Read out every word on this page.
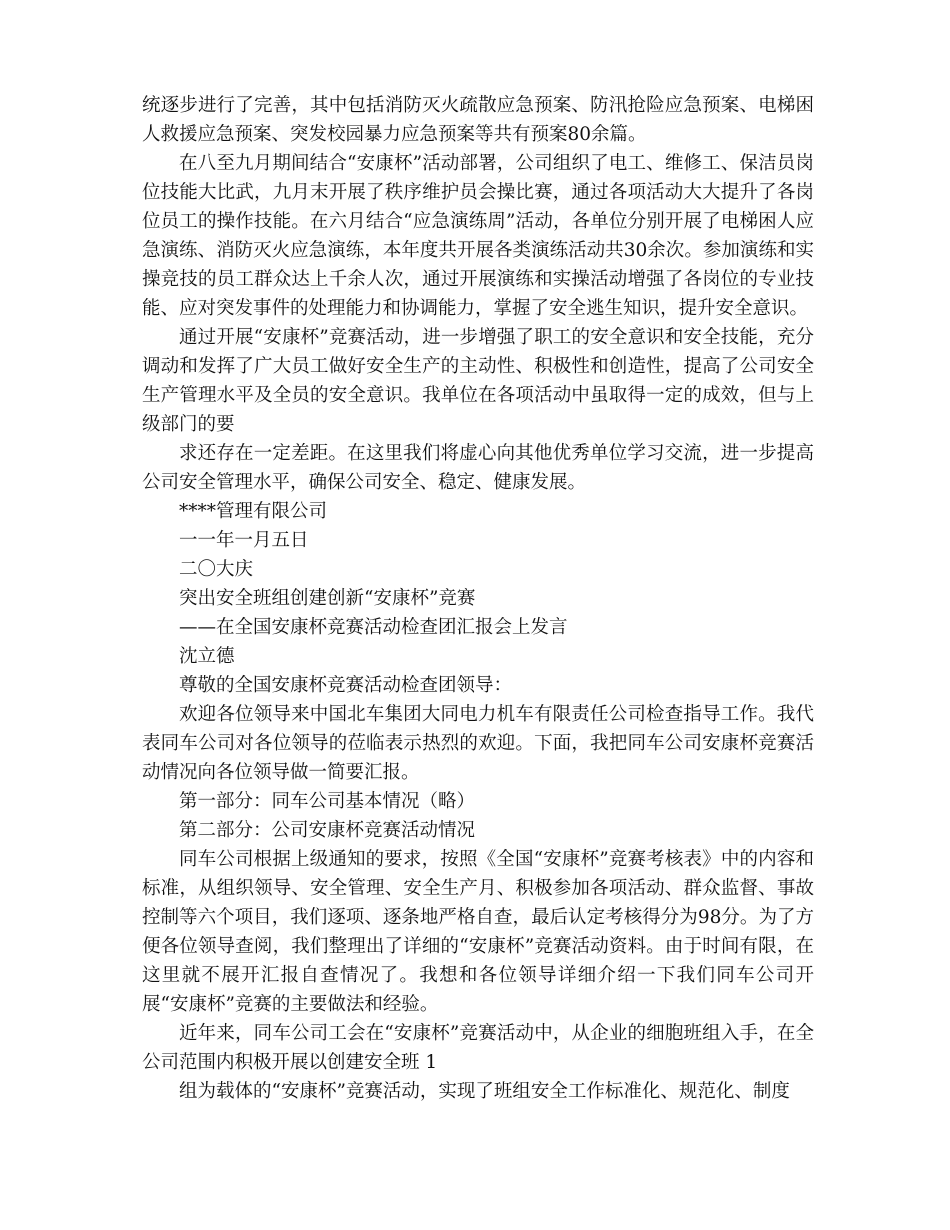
统逐步进行了完善，其中包括消防灭火疏散应急预案、防汛抢险应急预案、电梯困人救援应急预案、突发校园暴力应急预案等共有预案80余篇。

在八至九月期间结合“安康杯”活动部署，公司组织了电工、维修工、保洁员岗位技能大比武，九月末开展了秩序维护员会操比赛，通过各项活动大大提升了各岗位员工的操作技能。在六月结合“应急演练周”活动，各单位分别开展了电梯困人应急演练、消防灭火应急演练，本年度共开展各类演练活动共30余次。参加演练和实操竞技的员工群众达上千余人次，通过开展演练和实操活动增强了各岗位的专业技能、应对突发事件的处理能力和协调能力，掌握了安全逃生知识，提升安全意识。

通过开展“安康杯”竞赛活动，进一步增强了职工的安全意识和安全技能，充分调动和发挥了广大员工做好安全生产的主动性、积极性和创造性，提高了公司安全生产管理水平及全员的安全意识。我单位在各项活动中虽取得一定的成效，但与上级部门的要

求还存在一定差距。在这里我们将虚心向其他优秀单位学习交流，进一步提高公司安全管理水平，确保公司安全、稳定、健康发展。

****管理有限公司

一一年一月五日

二〇大庆

突出安全班组创建创新“安康杯”竞赛

——在全国安康杯竞赛活动检查团汇报会上发言

沈立德

尊敬的全国安康杯竞赛活动检查团领导：

欢迎各位领导来中国北车集团大同电力机车有限责任公司检查指导工作。我代表同车公司对各位领导的莅临表示热烈的欢迎。下面，我把同车公司安康杯竞赛活动情况向各位领导做一简要汇报。

第一部分：同车公司基本情况（略）

第二部分：公司安康杯竞赛活动情况

同车公司根据上级通知的要求，按照《全国“安康杯”竞赛考核表》中的内容和标准，从组织领导、安全管理、安全生产月、积极参加各项活动、群众监督、事故控制等六个项目，我们逐项、逐条地严格自查，最后认定考核得分为98分。为了方便各位领导查阅，我们整理出了详细的“安康杯”竞赛活动资料。由于时间有限，在这里就不展开汇报自查情况了。我想和各位领导详细介绍一下我们同车公司开展“安康杯”竞赛的主要做法和经验。

近年来，同车公司工会在“安康杯”竞赛活动中，从企业的细胞班组入手，在全公司范围内积极开展以创建安全班 1

组为载体的“安康杯”竞赛活动，实现了班组安全工作标准化、规范化、制度
